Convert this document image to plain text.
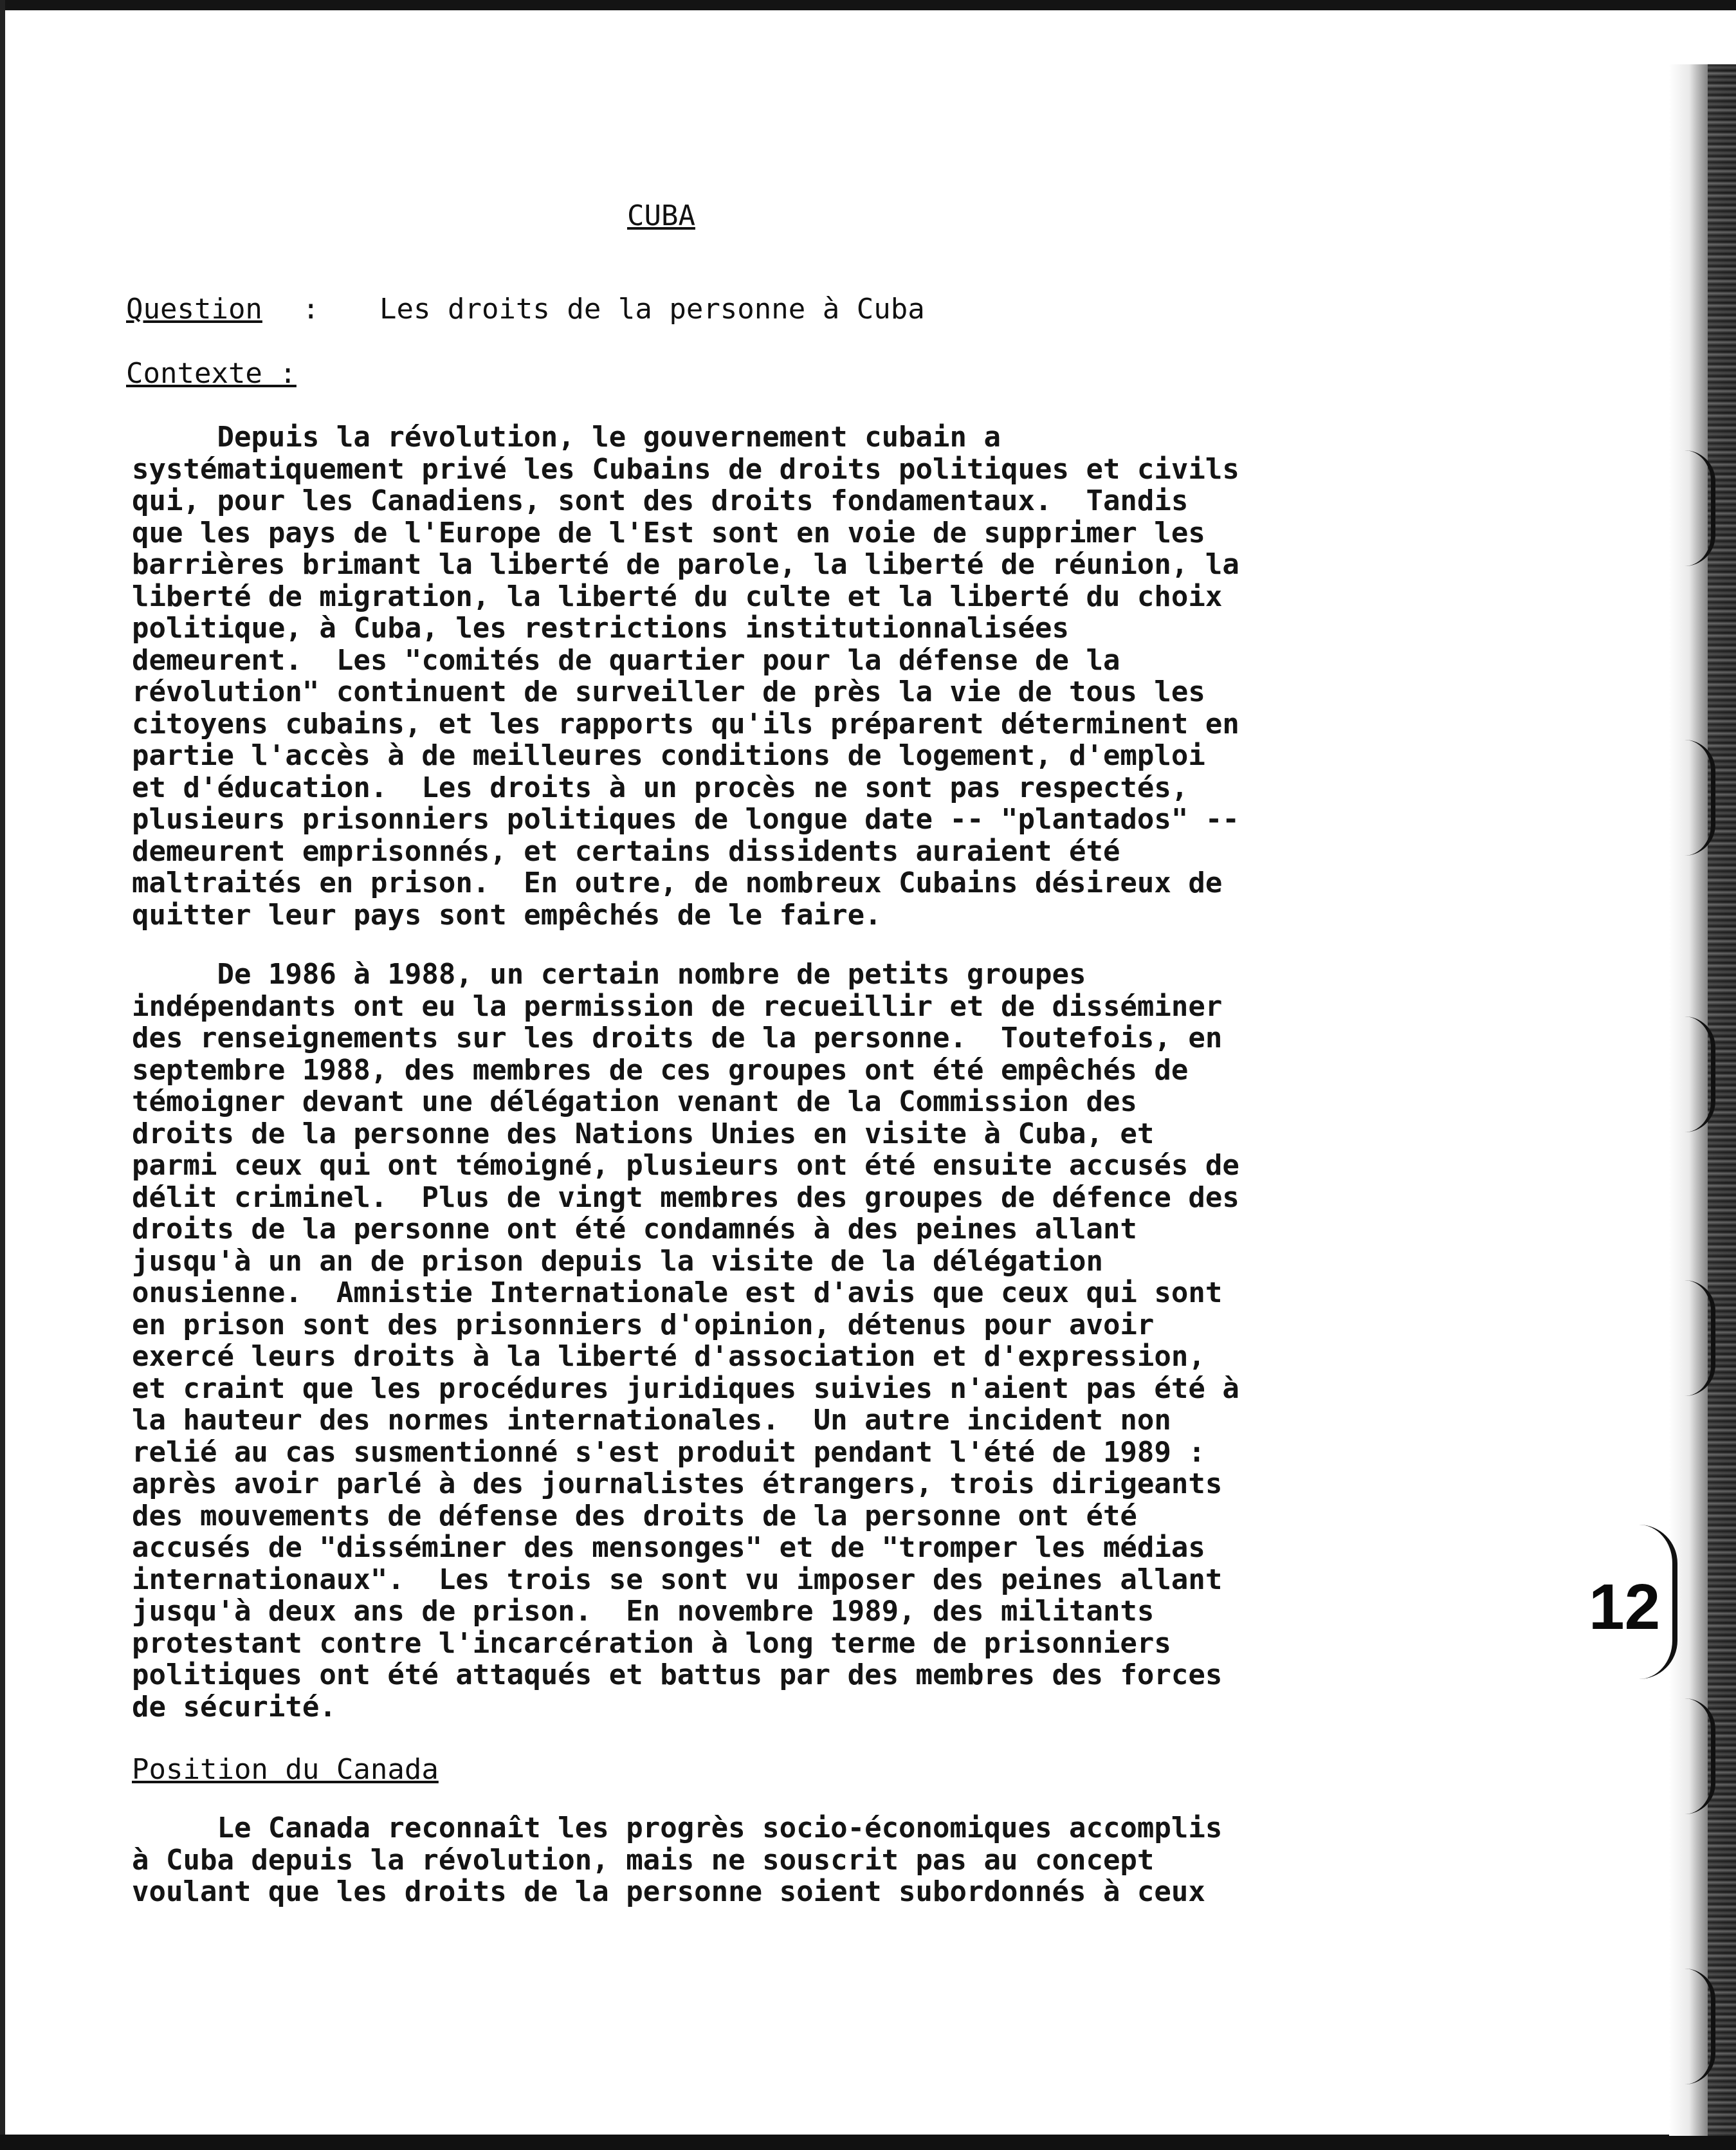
12
CUBA
Question : Les droits de la personne à Cuba
Contexte :
Depuis la révolution, le gouvernement cubain a
systématiquement privé les Cubains de droits politiques et civils
qui, pour les Canadiens, sont des droits fondamentaux.  Tandis
que les pays de l'Europe de l'Est sont en voie de supprimer les
barrières brimant la liberté de parole, la liberté de réunion, la
liberté de migration, la liberté du culte et la liberté du choix
politique, à Cuba, les restrictions institutionnalisées
demeurent.  Les "comités de quartier pour la défense de la
révolution" continuent de surveiller de près la vie de tous les
citoyens cubains, et les rapports qu'ils préparent déterminent en
partie l'accès à de meilleures conditions de logement, d'emploi
et d'éducation.  Les droits à un procès ne sont pas respectés,
plusieurs prisonniers politiques de longue date -- "plantados" --
demeurent emprisonnés, et certains dissidents auraient été
maltraités en prison.  En outre, de nombreux Cubains désireux de
quitter leur pays sont empêchés de le faire.
De 1986 à 1988, un certain nombre de petits groupes
indépendants ont eu la permission de recueillir et de disséminer
des renseignements sur les droits de la personne.  Toutefois, en
septembre 1988, des membres de ces groupes ont été empêchés de
témoigner devant une délégation venant de la Commission des
droits de la personne des Nations Unies en visite à Cuba, et
parmi ceux qui ont témoigné, plusieurs ont été ensuite accusés de
délit criminel.  Plus de vingt membres des groupes de défence des
droits de la personne ont été condamnés à des peines allant
jusqu'à un an de prison depuis la visite de la délégation
onusienne.  Amnistie Internationale est d'avis que ceux qui sont
en prison sont des prisonniers d'opinion, détenus pour avoir
exercé leurs droits à la liberté d'association et d'expression,
et craint que les procédures juridiques suivies n'aient pas été à
la hauteur des normes internationales.  Un autre incident non
relié au cas susmentionné s'est produit pendant l'été de 1989 :
après avoir parlé à des journalistes étrangers, trois dirigeants
des mouvements de défense des droits de la personne ont été
accusés de "disséminer des mensonges" et de "tromper les médias
internationaux".  Les trois se sont vu imposer des peines allant
jusqu'à deux ans de prison.  En novembre 1989, des militants
protestant contre l'incarcération à long terme de prisonniers
politiques ont été attaqués et battus par des membres des forces
de sécurité.
Position du Canada
Le Canada reconnaît les progrès socio-économiques accomplis
à Cuba depuis la révolution, mais ne souscrit pas au concept
voulant que les droits de la personne soient subordonnés à ceux
